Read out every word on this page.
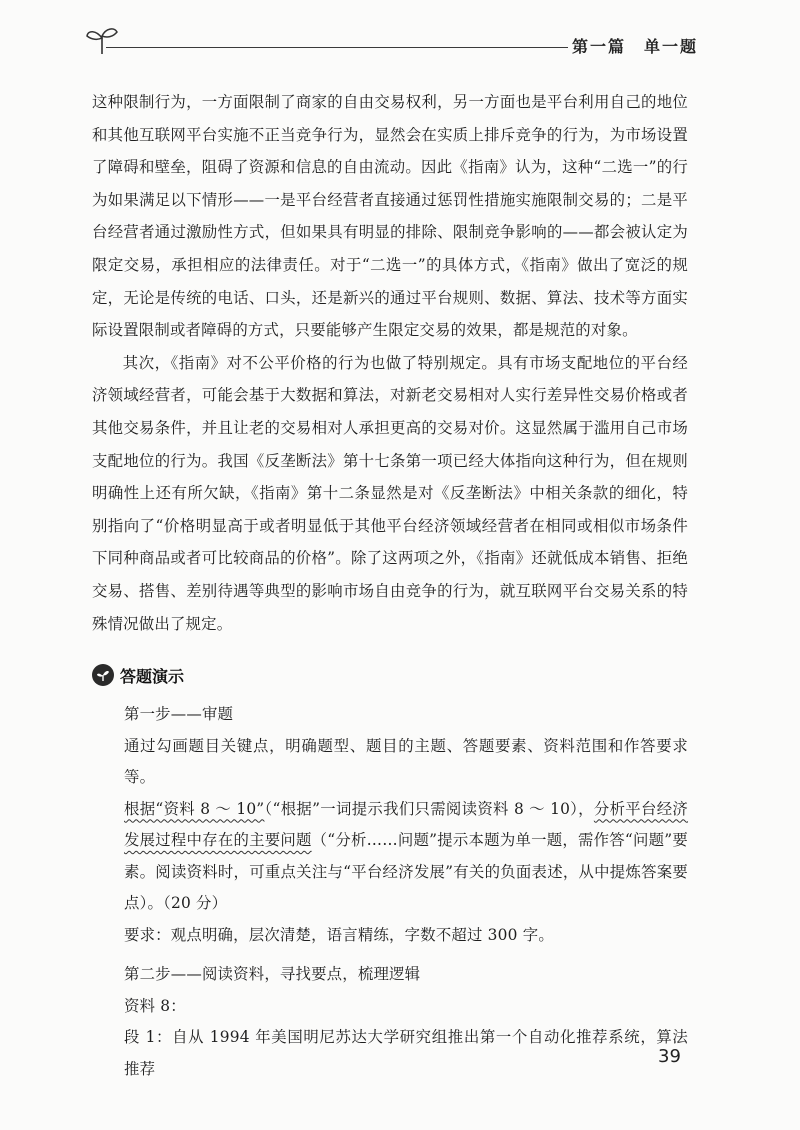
第一篇　单一题

这种限制行为，一方面限制了商家的自由交易权利，另一方面也是平台利用自己的地位和其他互联网平台实施不正当竞争行为，显然会在实质上排斥竞争的行为，为市场设置了障碍和壁垒，阻碍了资源和信息的自由流动。因此《指南》认为，这种“二选一”的行为如果满足以下情形——一是平台经营者直接通过惩罚性措施实施限制交易的；二是平台经营者通过激励性方式，但如果具有明显的排除、限制竞争影响的——都会被认定为限定交易，承担相应的法律责任。对于“二选一”的具体方式，《指南》做出了宽泛的规定，无论是传统的电话、口头，还是新兴的通过平台规则、数据、算法、技术等方面实际设置限制或者障碍的方式，只要能够产生限定交易的效果，都是规范的对象。

其次，《指南》对不公平价格的行为也做了特别规定。具有市场支配地位的平台经济领域经营者，可能会基于大数据和算法，对新老交易相对人实行差异性交易价格或者其他交易条件，并且让老的交易相对人承担更高的交易对价。这显然属于滥用自己市场支配地位的行为。我国《反垄断法》第十七条第一项已经大体指向这种行为，但在规则明确性上还有所欠缺，《指南》第十二条显然是对《反垄断法》中相关条款的细化，特别指向了“价格明显高于或者明显低于其他平台经济领域经营者在相同或相似市场条件下同种商品或者可比较商品的价格”。除了这两项之外，《指南》还就低成本销售、拒绝交易、搭售、差别待遇等典型的影响市场自由竞争的行为，就互联网平台交易关系的特殊情况做出了规定。

答题演示

第一步——审题

通过勾画题目关键点，明确题型、题目的主题、答题要素、资料范围和作答要求等。

根据“资料 8 ～ 10”（“根据”一词提示我们只需阅读资料 8 ～ 10），分析平台经济发展过程中存在的主要问题（“分析……问题”提示本题为单一题，需作答“问题”要素。阅读资料时，可重点关注与“平台经济发展”有关的负面表述，从中提炼答案要点）。（20 分）

要求：观点明确，层次清楚，语言精练，字数不超过 300 字。

第二步——阅读资料，寻找要点，梳理逻辑

资料 8：

段 1：自从 1994 年美国明尼苏达大学研究组推出第一个自动化推荐系统，算法推荐

39
